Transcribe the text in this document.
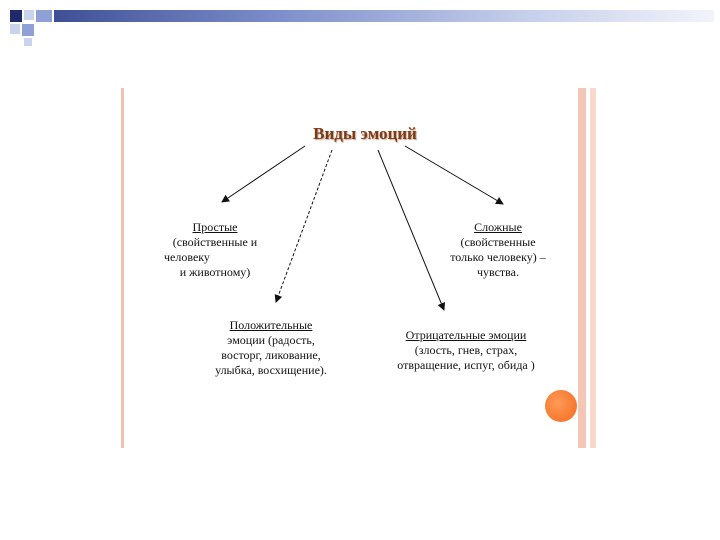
Виды эмоций
Простые
(свойственные и
человеку
и животному)
Сложные
(свойственные
только человеку) –
чувства.
Положительные
эмоции (радость,
восторг, ликование,
улыбка, восхищение).
Отрицательные эмоции
(злость, гнев, страх,
отвращение, испуг, обида )
